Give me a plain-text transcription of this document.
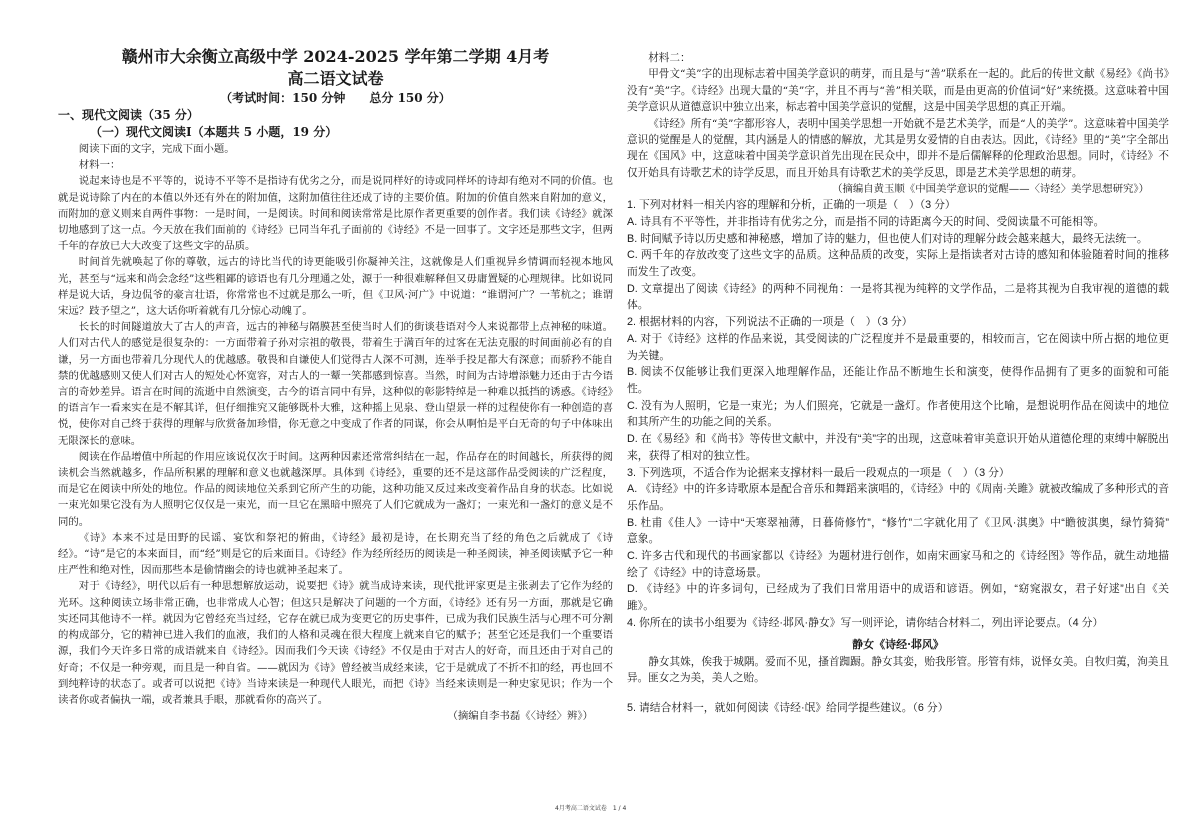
赣州市大余衡立高级中学 2024-2025 学年第二学期 4月考
高二语文试卷
（考试时间：150 分钟　　总分 150 分）
一、现代文阅读（35 分）
（一）现代文阅读Ⅰ（本题共 5 小题，19 分）
阅读下面的文字，完成下面小题。
材料一：

说起来诗也是不平等的，说诗不平等不是指诗有优劣之分，而是说同样好的诗或同样坏的诗却有绝对不同的价值。也就是说诗除了内在的本值以外还有外在的附加值，这附加值往往还成了诗的主要价值。附加的价值自然来自附加的意义，而附加的意义则来自两件事物：一是时间，一是阅读。时间和阅读常常是比原作者更重要的创作者。我们读《诗经》就深切地感到了这一点。今天放在我们面前的《诗经》已同当年孔子面前的《诗经》不是一回事了。文字还是那些文字，但两千年的存放已大大改变了这些文字的品质。

时间首先就唤起了你的尊敬，远古的诗比当代的诗更能吸引你凝神关注，这就像是人们重视异乡情调而轻视本地风光，甚至与“远来和尚会念经”这些粗鄙的谚语也有几分理通之处，源于一种很难解释但又毋庸置疑的心理规律。比如说同样是说大话，身边侃爷的豪言壮语，你常常也不过就是那么一听，但《卫风·河广》中说道：“谁谓河广？一苇杭之；谁谓宋远？跂予望之”，这大话你听着就有几分惊心动魄了。

长长的时间隧道放大了古人的声音，远古的神秘与隔膜甚至使当时人们的街谈巷语对今人来说都带上点神秘的味道。人们对古代人的感觉是很复杂的：一方面带着子孙对宗祖的敬畏，带着生于满百年的过客在无法克服的时间面前必有的自谦，另一方面也带着几分现代人的优越感。敬畏和自谦使人们觉得古人深不可测，连举手投足都大有深意；而骄矜不能自禁的优越感则又使人们对古人的短处心怀宽容，对古人的一颦一笑都感到惊喜。当然，时间为古诗增添魅力还由于古今语言的奇妙差异。语言在时间的流逝中自然演变，古今的语言同中有异，这种似的彰影特绰是一种难以抵挡的诱惑。《诗经》的语言乍一看来实在是不解其详，但仔细推究又能够既朴大雅，这种摇上见泉、登山望景一样的过程使你有一种创造的喜悦，使你对自己终于获得的理解与欣赏备加珍惜，你无意之中变成了作者的同谋，你会从啊怕是平白无奇的句子中体味出无限深长的意味。

阅读在作品增值中所起的作用应该说仅次于时间。这两种因素还常常纠结在一起，作品存在的时间越长，所获得的阅读机会当然就越多，作品所积累的理解和意义也就越深厚。具体到《诗经》，重要的还不是这部作品受阅读的广泛程度，而是它在阅读中所处的地位。作品的阅读地位关系到它所产生的功能，这种功能又反过来改变着作品自身的状态。比如说一束光如果它没有为人照明它仅仅是一束光，而一旦它在黑暗中照亮了人们它就成为一盏灯；一束光和一盏灯的意义是不同的。

《诗》本来不过是田野的民谣、宴饮和祭祀的俯曲，《诗经》最初是诗，在长期充当了经的角色之后就成了《诗经》。“诗”是它的本来面目，而“经”则是它的后来面目。《诗经》作为经所经历的阅读是一种圣阅读，神圣阅读赋予它一种庄严性和绝对性，因而那些本是偷情幽会的诗也就神圣起来了。

对于《诗经》，明代以后有一种思想解放运动，说要把《诗》就当成诗来读，现代批评家更是主张剥去了它作为经的光环。这种阅读立场非常正确，也非常成人心智；但这只是解决了问题的一个方面，《诗经》还有另一方面，那就是它确实还同其他诗不一样。就因为它曾经充当过经，它存在就已成为变更它的历史事件，已成为我们民族生活与心理不可分割的构成部分，它的精神已进入我们的血液，我们的人格和灵魂在很大程度上就来自它的赋予；甚至它还是我们一个重要语源，我们今天许多日常的成语就来自《诗经》。因而我们今天读《诗经》不仅是由于对古人的好奇，而且还由于对自己的好奇；不仅是一种旁观，而且是一种自省。——就因为《诗》曾经被当成经来读，它于是就成了不折不扣的经，再也回不到纯粹诗的状态了。或者可以说把《诗》当诗来读是一种现代人眼光，而把《诗》当经来读则是一种史家见识；作为一个读者你或者偏执一端，或者兼具手眼，那就看你的高兴了。

（摘编自李书磊《〈诗经〉辨》）
材料二：

甲骨文“美”字的出现标志着中国美学意识的萌芽，而且是与“善”联系在一起的。此后的传世文献《易经》《尚书》没有“美”字。《诗经》出现大量的“美”字，并且不再与“善”相关联，而是由更高的价值词“好”来统摄。这意味着中国美学意识从道德意识中独立出来，标志着中国美学意识的觉醒，这是中国美学思想的真正开端。

《诗经》所有“美”字都形容人，表明中国美学思想一开始就不是艺术美学，而是“人的美学”。这意味着中国美学意识的觉醒是人的觉醒，其内涵是人的情感的解放，尤其是男女爱情的自由表达。因此，《诗经》里的“美”字全部出现在《国风》中，这意味着中国美学意识首先出现在民众中，即并不是后儒解释的伦理政治思想。同时，《诗经》不仅开始具有诗歌艺术的诗学反思，而且开始具有诗歌艺术的美学反思，即是艺术美学思想的萌芽。

（摘编自黄玉顺《中国美学意识的觉醒——〈诗经〉美学思想研究》）

1. 下列对材料一相关内容的理解和分析，正确的一项是（　）（3 分）

A. 诗具有不平等性，并非指诗有优劣之分，而是指不同的诗距离今天的时间、受阅读量不可能相等。

B. 时间赋予诗以历史感和神秘感，增加了诗的魅力，但也使人们对诗的理解分歧会越来越大，最终无法统一。

C. 两千年的存放改变了这些文字的品质。这种品质的改变，实际上是指读者对古诗的感知和体验随着时间的推移而发生了改变。

D. 文章提出了阅读《诗经》的两种不同视角：一是将其视为纯粹的文学作品，二是将其视为自我审视的道德的载体。

2. 根据材料的内容，下列说法不正确的一项是（　）（3 分）

A. 对于《诗经》这样的作品来说，其受阅读的广泛程度并不是最重要的，相较而言，它在阅读中所占据的地位更为关键。

B. 阅读不仅能够让我们更深入地理解作品，还能让作品不断地生长和演变，使得作品拥有了更多的面貌和可能性。

C. 没有为人照明，它是一束光；为人们照亮，它就是一盏灯。作者使用这个比喻，是想说明作品在阅读中的地位和其所产生的功能之间的关系。

D. 在《易经》和《尚书》等传世文献中，并没有“美”字的出现，这意味着审美意识开始从道德伦理的束缚中解脱出来，获得了相对的独立性。

3. 下列选项，不适合作为论据来支撑材料一最后一段观点的一项是（　）（3 分）

A. 《诗经》中的许多诗歌原本是配合音乐和舞蹈来演唱的，《诗经》中的《周南·关雎》就被改编成了多种形式的音乐作品。

B. 杜甫《佳人》一诗中“天寒翠袖薄，日暮倚修竹”，“修竹”二字就化用了《卫风·淇奥》中“瞻彼淇奥，绿竹猗猗”　意象。

C. 许多古代和现代的书画家都以《诗经》为题材进行创作，如南宋画家马和之的《诗经图》等作品，就生动地描绘了《诗经》中的诗意场景。

D. 《诗经》中的许多词句，已经成为了我们日常用语中的成语和谚语。例如，“窈窕淑女，君子好逑”出自《关雎》。

4. 你所在的读书小组要为《诗经·邶风·静女》写一则评论，请你结合材料二，列出评论要点。（4 分）

静女《诗经·邶风》

静女其姝，俟我于城隅。爱而不见，搔首踟蹰。静女其娈，贻我彤管。彤管有炜，说怿女美。自牧归荑，洵美且异。匪女之为美，美人之贻。

5. 请结合材料一，就如何阅读《诗经·氓》给同学提些建议。（6 分）

4月考高二语文试卷　1 / 4
